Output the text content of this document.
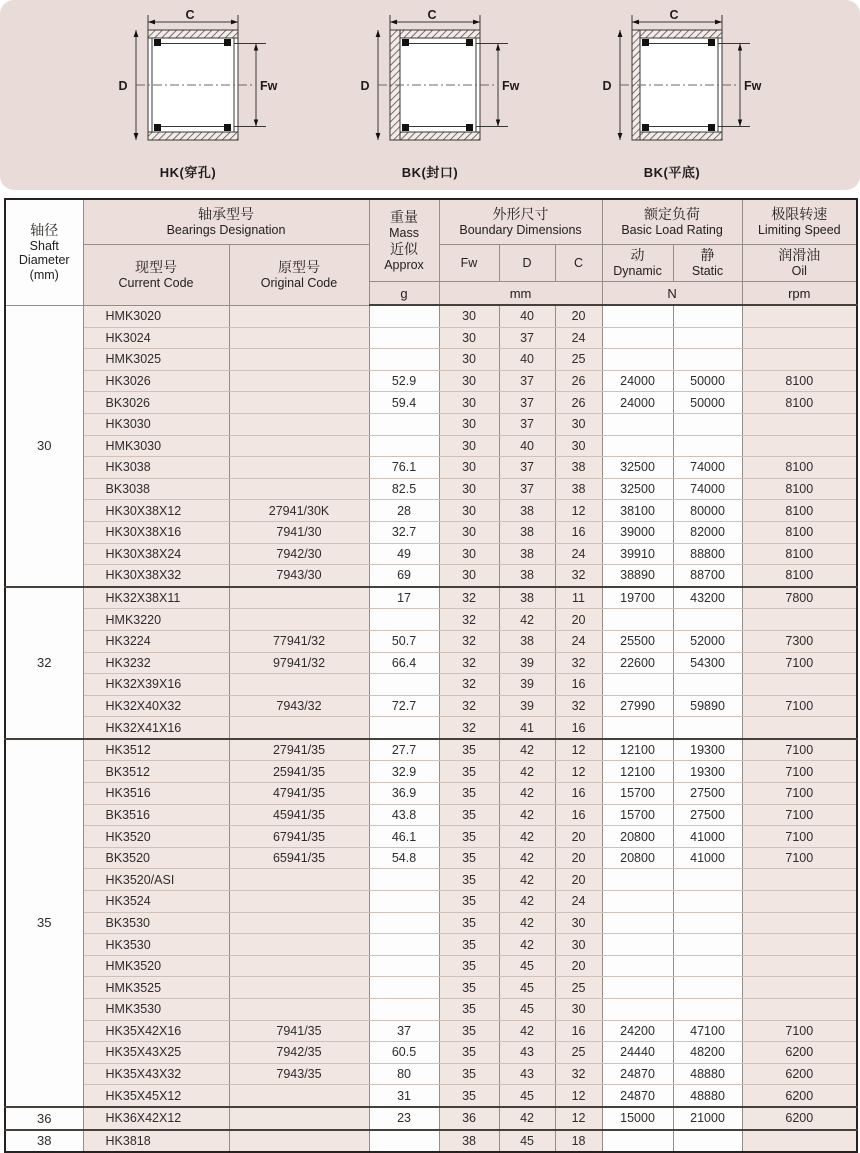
C
D	Fw
HK(穿孔)
C
D	Fw
BK(封口)
C
D	Fw
BK(平底)
轴径
Shaft
Diameter
(mm)

轴承型号
Bearings Designation

重量
Mass
近似
Approx

外形尺寸
Boundary Dimensions

额定负荷
Basic Load Rating

极限转速
Limiting Speed

现型号
Current Code

原型号
Original Code

Fw	D	C	动
Dynamic

静
Static

润滑油
Oil

			g	mm			N		rpm
30	HMK3020			30	40	20			
	HK3024			30	37	24			
	HMK3025			30	40	25			
	HK3026		52.9	30	37	26	24000	50000	8100
	BK3026		59.4	30	37	26	24000	50000	8100
	HK3030			30	37	30			
	HMK3030			30	40	30			
	HK3038		76.1	30	37	38	32500	74000	8100
	BK3038		82.5	30	37	38	32500	74000	8100
	HK30X38X12	27941/30K	28	30	38	12	38100	80000	8100
	HK30X38X16	7941/30	32.7	30	38	16	39000	82000	8100
	HK30X38X24	7942/30	49	30	38	24	39910	88800	8100
	HK30X38X32	7943/30	69	30	38	32	38890	88700	8100
32	HK32X38X11		17	32	38	11	19700	43200	7800
	HMK3220			32	42	20			
	HK3224	77941/32	50.7	32	38	24	25500	52000	7300
	HK3232	97941/32	66.4	32	39	32	22600	54300	7100
	HK32X39X16			32	39	16			
	HK32X40X32	7943/32	72.7	32	39	32	27990	59890	7100
	HK32X41X16			32	41	16			
35	HK3512	27941/35	27.7	35	42	12	12100	19300	7100
	BK3512	25941/35	32.9	35	42	12	12100	19300	7100
	HK3516	47941/35	36.9	35	42	16	15700	27500	7100
	BK3516	45941/35	43.8	35	42	16	15700	27500	7100
	HK3520	67941/35	46.1	35	42	20	20800	41000	7100
	BK3520	65941/35	54.8	35	42	20	20800	41000	7100
	HK3520/ASI			35	42	20			
	HK3524			35	42	24			
	BK3530			35	42	30			
	HK3530			35	42	30			
	HMK3520			35	45	20			
	HMK3525			35	45	25			
	HMK3530			35	45	30			
	HK35X42X16	7941/35	37	35	42	16	24200	47100	7100
	HK35X43X25	7942/35	60.5	35	43	25	24440	48200	6200
	HK35X43X32	7943/35	80	35	43	32	24870	48880	6200
	HK35X45X12		31	35	45	12	24870	48880	6200
36	HK36X42X12		23	36	42	12	15000	21000	6200
38	HK3818			38	45	18			
